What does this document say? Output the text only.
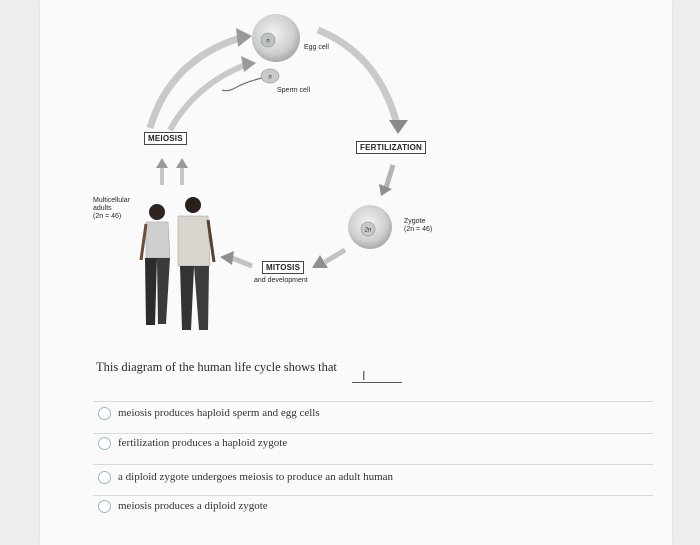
n
n
2n
Egg cell
Sperm cell
MEIOSIS
FERTILIZATION
MITOSIS
and development
Multicellular
adults
(2n = 46)
Zygote
(2n = 46)
This diagram of the human life cycle shows that
I
meiosis produces haploid sperm and egg cells
fertilization produces a haploid zygote
a diploid zygote undergoes meiosis to produce an adult human
meiosis produces a diploid zygote
